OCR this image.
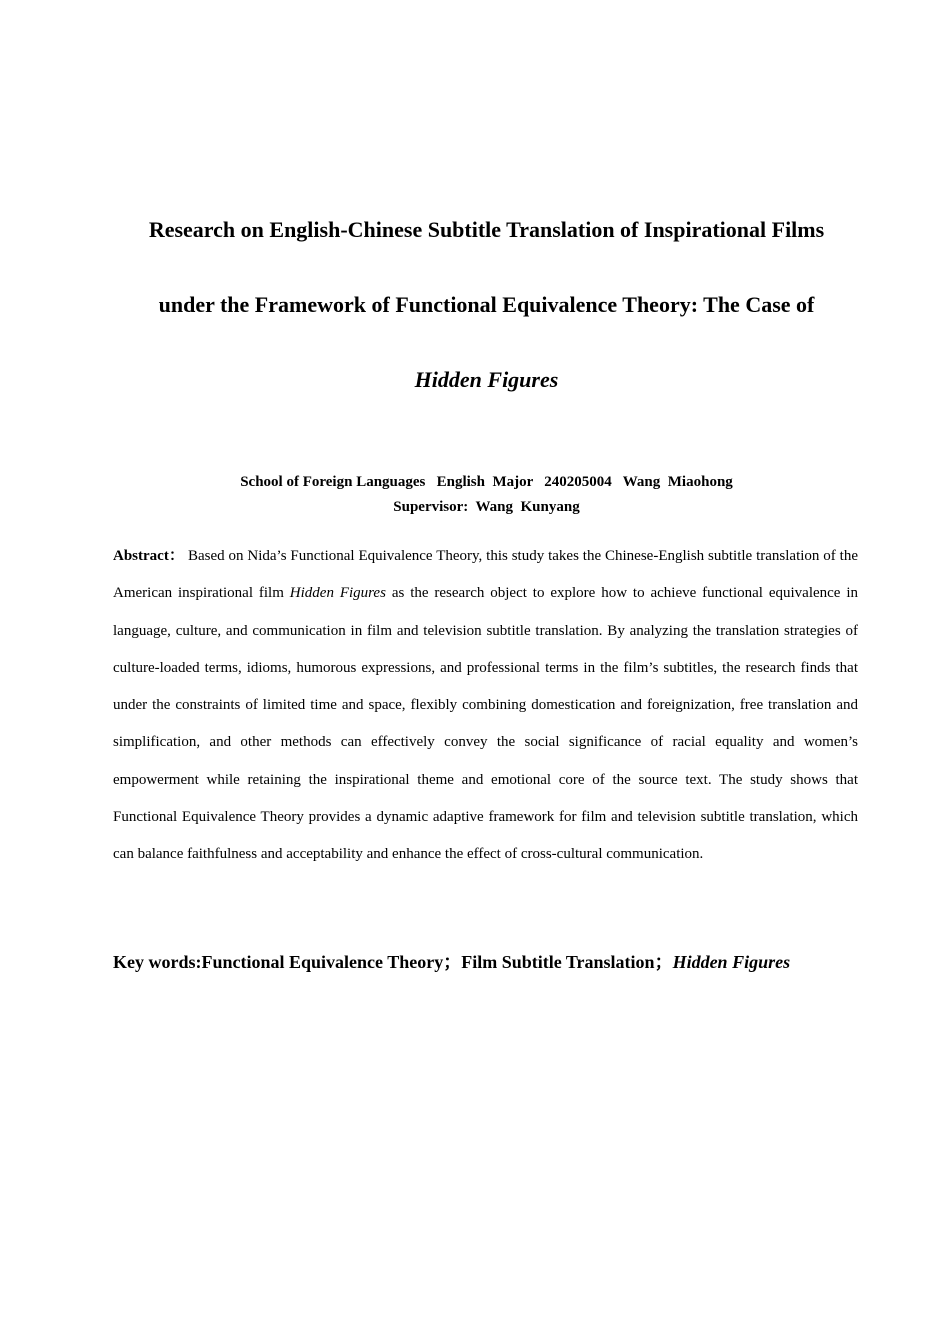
Research on English-Chinese Subtitle Translation of Inspirational Films
under the Framework of Functional Equivalence Theory: The Case of
Hidden Figures
School of Foreign Languages   English  Major   240205004   Wang  Miaohong
Supervisor:  Wang  Kunyang

Abstract： Based on Nida’s Functional Equivalence Theory, this study takes the Chinese-English subtitle translation of the American inspirational film Hidden Figures as the research object to explore how to achieve functional equivalence in language, culture, and communication in film and television subtitle translation. By analyzing the translation strategies of culture-loaded terms, idioms, humorous expressions, and professional terms in the film’s subtitles, the research finds that under the constraints of limited time and space, flexibly combining domestication and foreignization, free translation and simplification, and other methods can effectively convey the social significance of racial equality and women’s empowerment while retaining the inspirational theme and emotional core of the source text. The study shows that Functional Equivalence Theory provides a dynamic adaptive framework for film and television subtitle translation, which can balance faithfulness and acceptability and enhance the effect of cross-cultural communication.

Key words:Functional Equivalence Theory；Film Subtitle Translation；Hidden Figures
